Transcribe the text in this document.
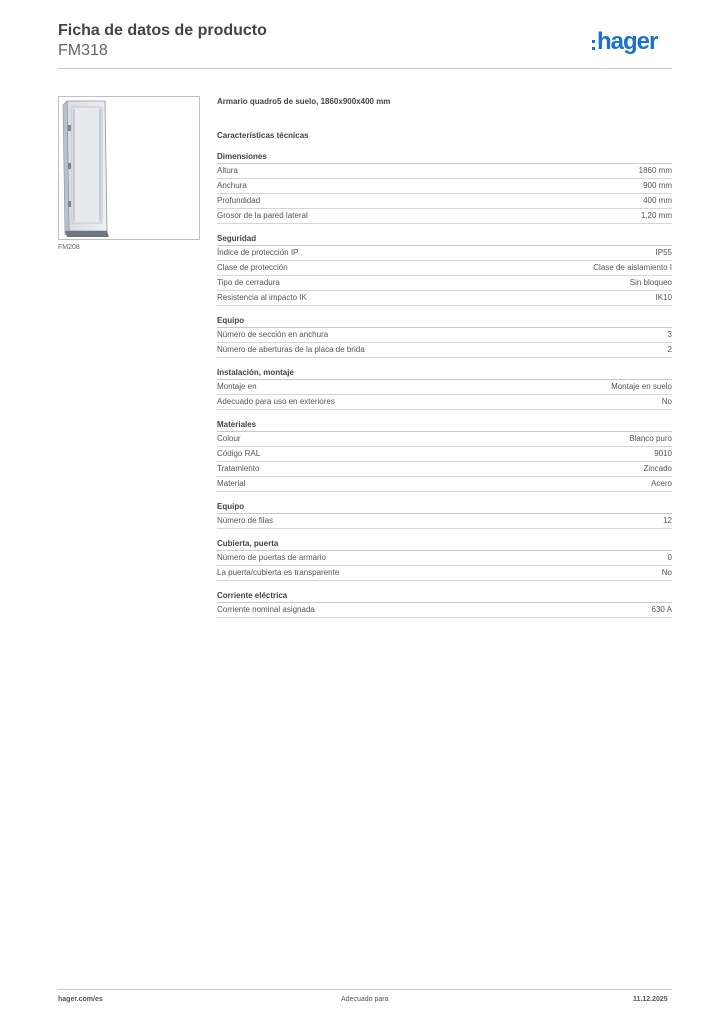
Ficha de datos de producto
FM318	hager
FM208
Armario quadro5 de suelo, 1860x900x400 mm
Características técnicas
Dimensiones
Altura	1860 mm
Anchura	900 mm
Profundidad	400 mm
Grosor de la pared lateral	1,20 mm
Seguridad
Índice de protección IP	IP55
Clase de protección	Clase de aislamiento I
Tipo de cerradura	Sin bloqueo
Resistencia al impacto IK	IK10
Equipo
Número de sección en anchura	3
Número de aberturas de la placa de brida	2
Instalación, montaje
Montaje en	Montaje en suelo
Adecuado para uso en exteriores	No
Materiales
Colour	Blanco puro
Código RAL	9010
Tratamiento	Zincado
Material	Acero
Equipo
Número de filas	12
Cubierta, puerta
Número de puertas de armario	0
La puerta/cubierta es transparente	No
Corriente eléctrica
Corriente nominal asignada	630 A
hager.com/es	Adecuado para	11.12.2025
